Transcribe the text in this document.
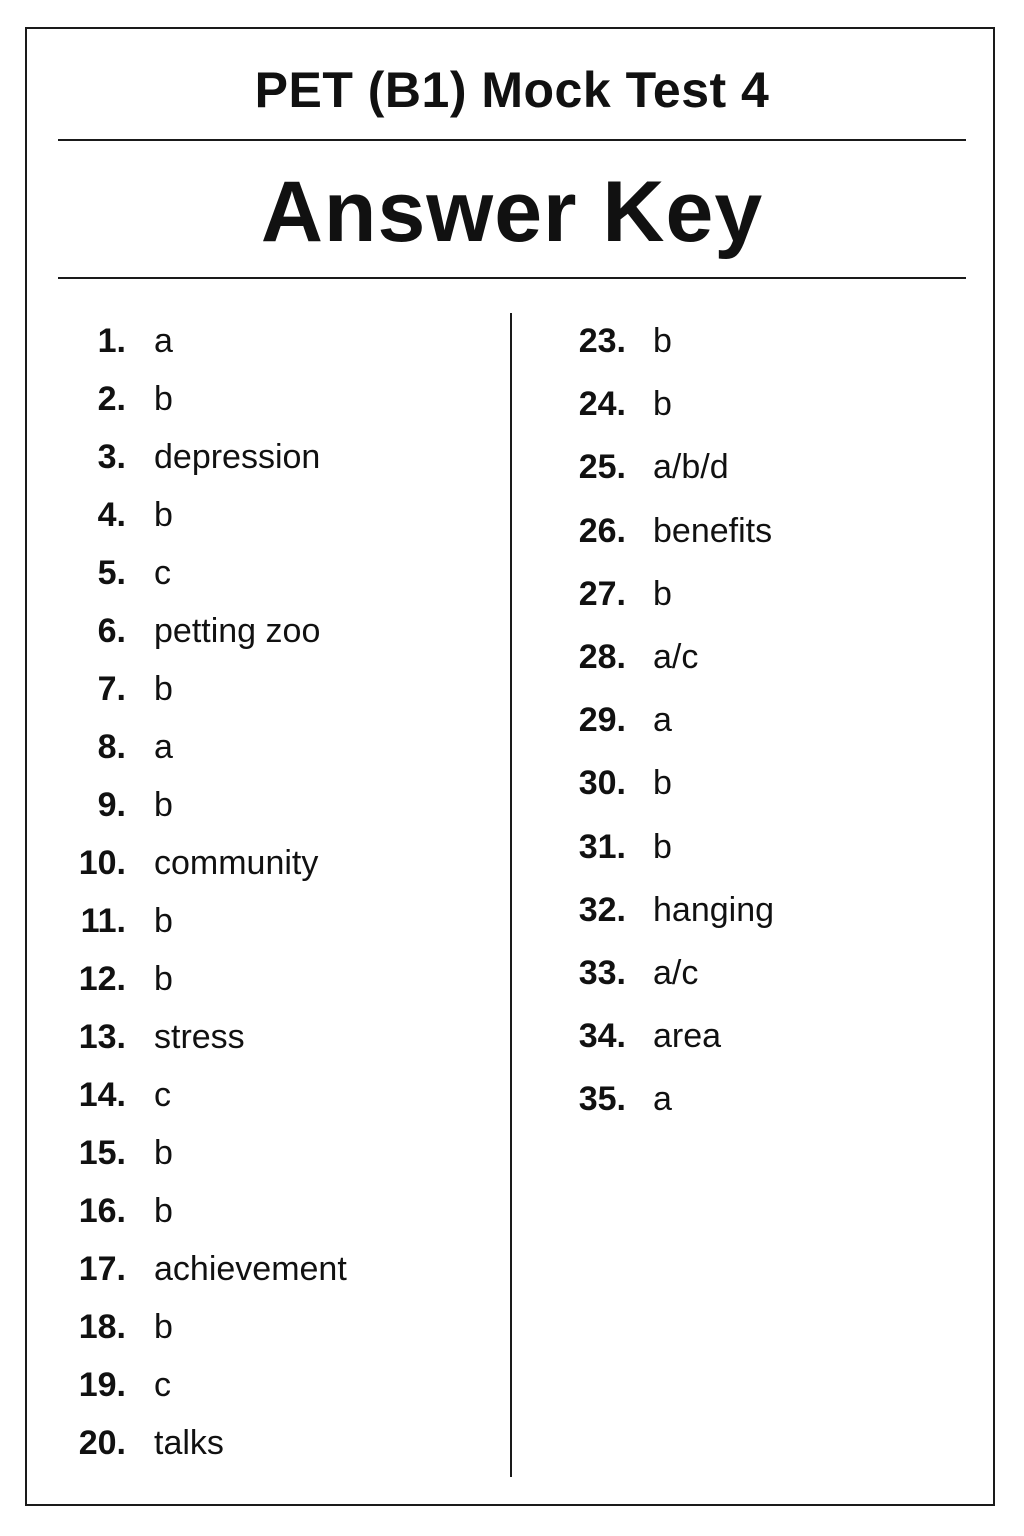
PET (B1) Mock Test 4
Answer Key
1. a
2. b
3. depression
4. b
5. c
6. petting zoo
7. b
8. a
9. b
10. community
11. b
12. b
13. stress
14. c
15. b
16. b
17. achievement
18. b
19. c
20. talks
23. b
24. b
25. a/b/d
26. benefits
27. b
28. a/c
29. a
30. b
31. b
32. hanging
33. a/c
34. area
35. a
